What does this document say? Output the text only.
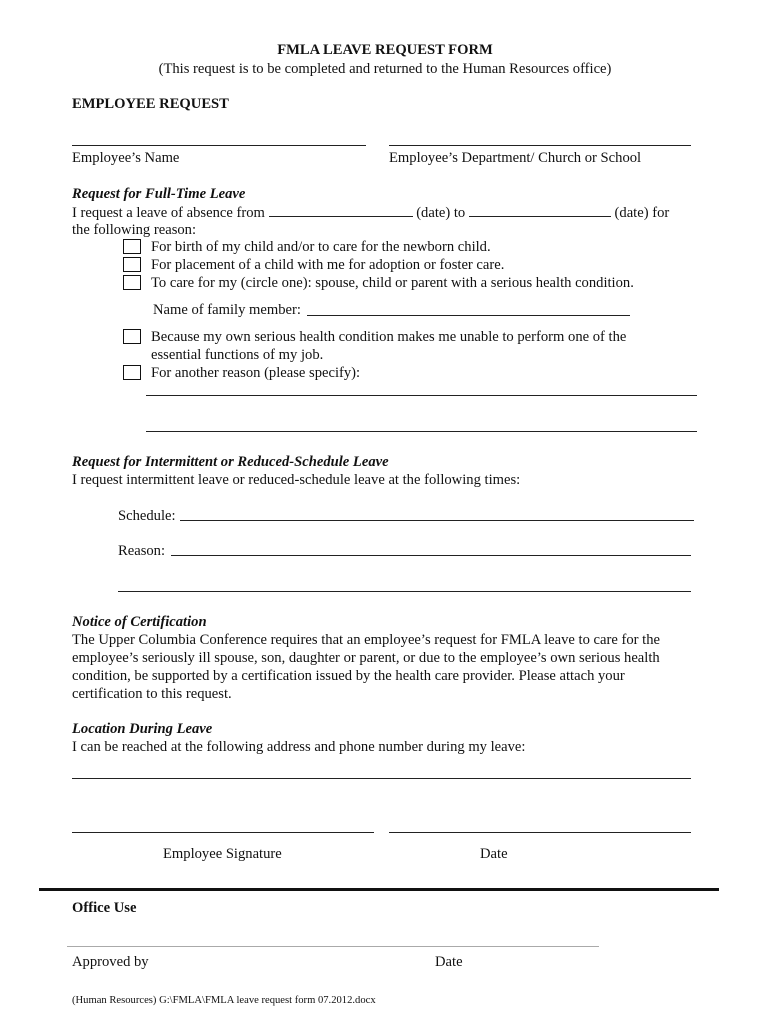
FMLA LEAVE REQUEST FORM
(This request is to be completed and returned to the Human Resources office)
EMPLOYEE REQUEST
Employee’s Name	Employee’s Department/ Church or School
Request for Full-Time Leave
I request a leave of absence from	(date) to	(date) for
the following reason:
For birth of my child and/or to care for the newborn child.
For placement of a child with me for adoption or foster care.
To care for my (circle one): spouse, child or parent with a serious health condition.
Name of family member:
Because my own serious health condition makes me unable to perform one of the
essential functions of my job.
For another reason (please specify):
Request for Intermittent or Reduced-Schedule Leave
I request intermittent leave or reduced-schedule leave at the following times:
Schedule:
Reason:
Notice of Certification
The Upper Columbia Conference requires that an employee’s request for FMLA leave to care for the
employee’s seriously ill spouse, son, daughter or parent, or due to the employee’s own serious health
condition, be supported by a certification issued by the health care provider. Please attach your
certification to this request.
Location During Leave
I can be reached at the following address and phone number during my leave:
Employee Signature	Date
Office Use
Approved by	Date
(Human Resources) G:\FMLA\FMLA leave request form 07.2012.docx
